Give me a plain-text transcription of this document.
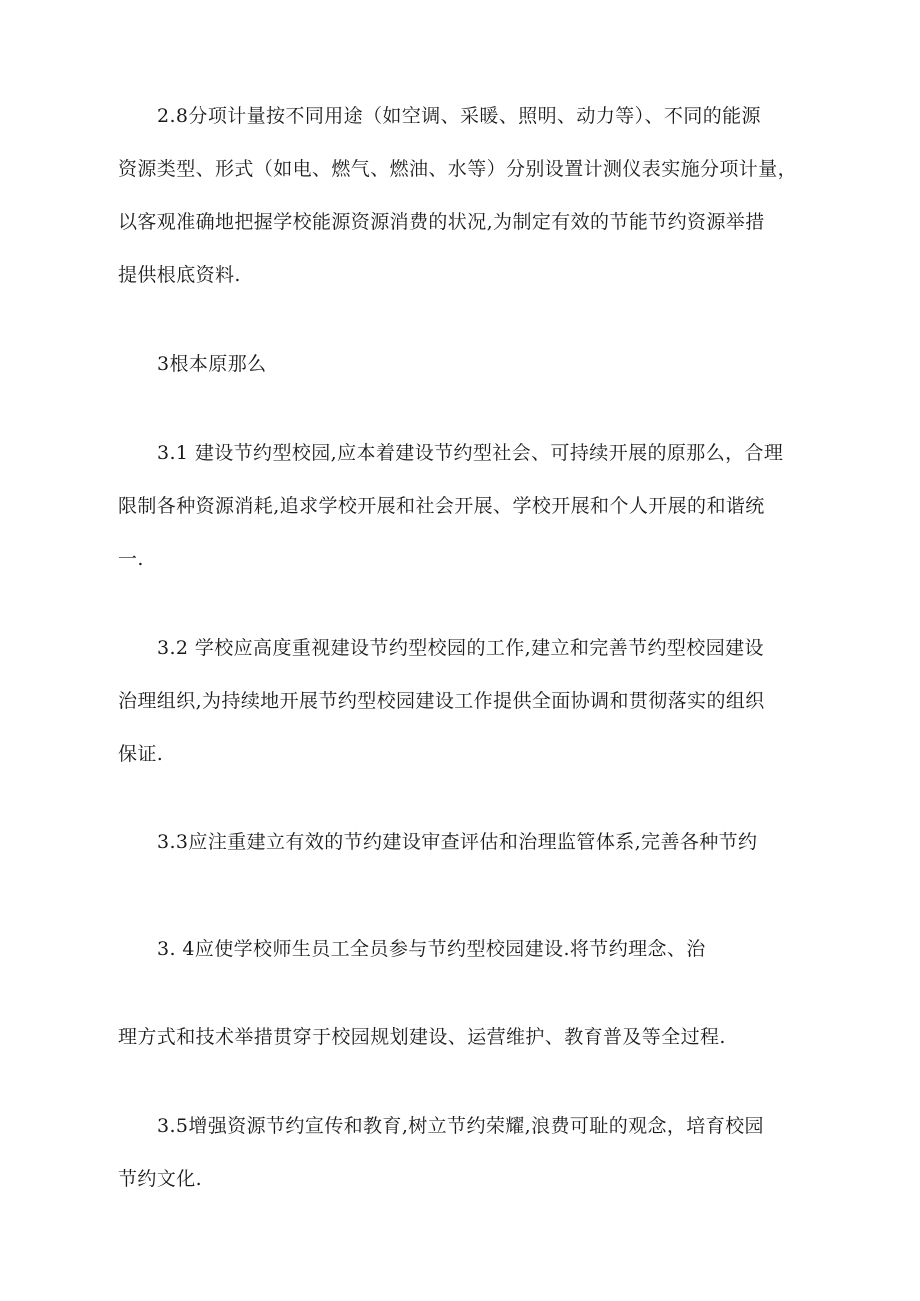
2.8分项计量按不同用途（如空调、采暖、照明、动力等）、不同的能源
资源类型、形式（如电、燃气、燃油、水等）分别设置计测仪表实施分项计量，
以客观准确地把握学校能源资源消费的状况,为制定有效的节能节约资源举措
提供根底资料.
3根本原那么
3.1 建设节约型校园,应本着建设节约型社会、可持续开展的原那么，合理
限制各种资源消耗,追求学校开展和社会开展、学校开展和个人开展的和谐统
一.
3.2 学校应高度重视建设节约型校园的工作,建立和完善节约型校园建设
治理组织,为持续地开展节约型校园建设工作提供全面协调和贯彻落实的组织
保证.
3.3应注重建立有效的节约建设审查评估和治理监管体系,完善各种节约
3. 4应使学校师生员工全员参与节约型校园建设.将节约理念、治
理方式和技术举措贯穿于校园规划建设、运营维护、教育普及等全过程.
3.5增强资源节约宣传和教育,树立节约荣耀,浪费可耻的观念，培育校园
节约文化.
